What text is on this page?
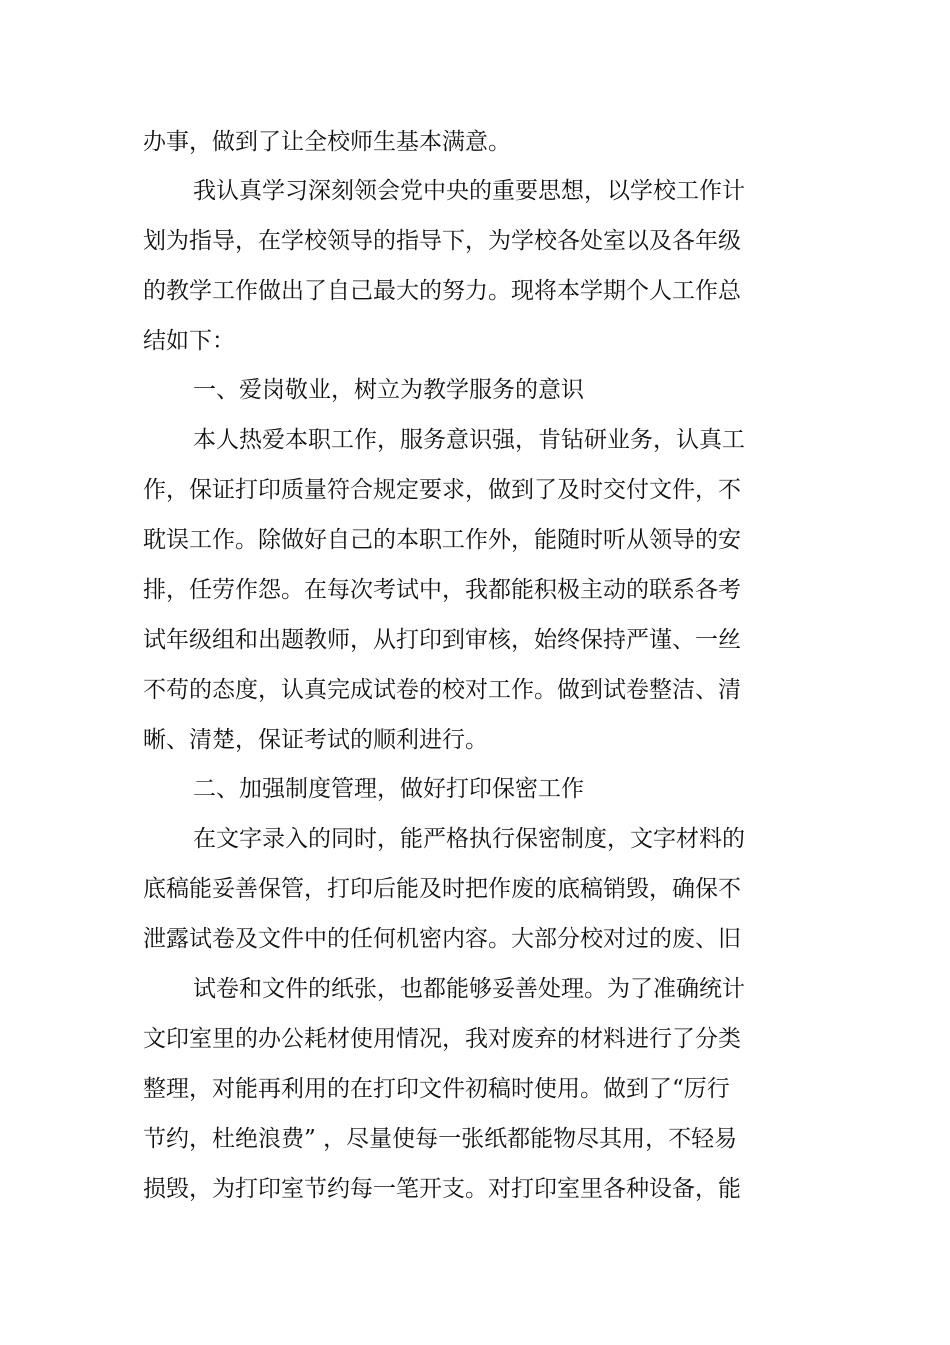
办事，做到了让全校师生基本满意。
我认真学习深刻领会党中央的重要思想，以学校工作计
划为指导，在学校领导的指导下，为学校各处室以及各年级
的教学工作做出了自己最大的努力。现将本学期个人工作总
结如下：
一、爱岗敬业，树立为教学服务的意识
本人热爱本职工作，服务意识强，肯钻研业务，认真工
作，保证打印质量符合规定要求，做到了及时交付文件，不
耽误工作。除做好自己的本职工作外，能随时听从领导的安
排，任劳作怨。在每次考试中，我都能积极主动的联系各考
试年级组和出题教师，从打印到审核，始终保持严谨、一丝
不苟的态度，认真完成试卷的校对工作。做到试卷整洁、清
晰、清楚，保证考试的顺利进行。
二、加强制度管理，做好打印保密工作
在文字录入的同时，能严格执行保密制度，文字材料的
底稿能妥善保管，打印后能及时把作废的底稿销毁，确保不
泄露试卷及文件中的任何机密内容。大部分校对过的废、旧
试卷和文件的纸张，也都能够妥善处理。为了准确统计
文印室里的办公耗材使用情况，我对废弃的材料进行了分类
整理，对能再利用的在打印文件初稿时使用。做到了“厉行
节约，杜绝浪费” ，尽量使每一张纸都能物尽其用，不轻易
损毁，为打印室节约每一笔开支。对打印室里各种设备，能
